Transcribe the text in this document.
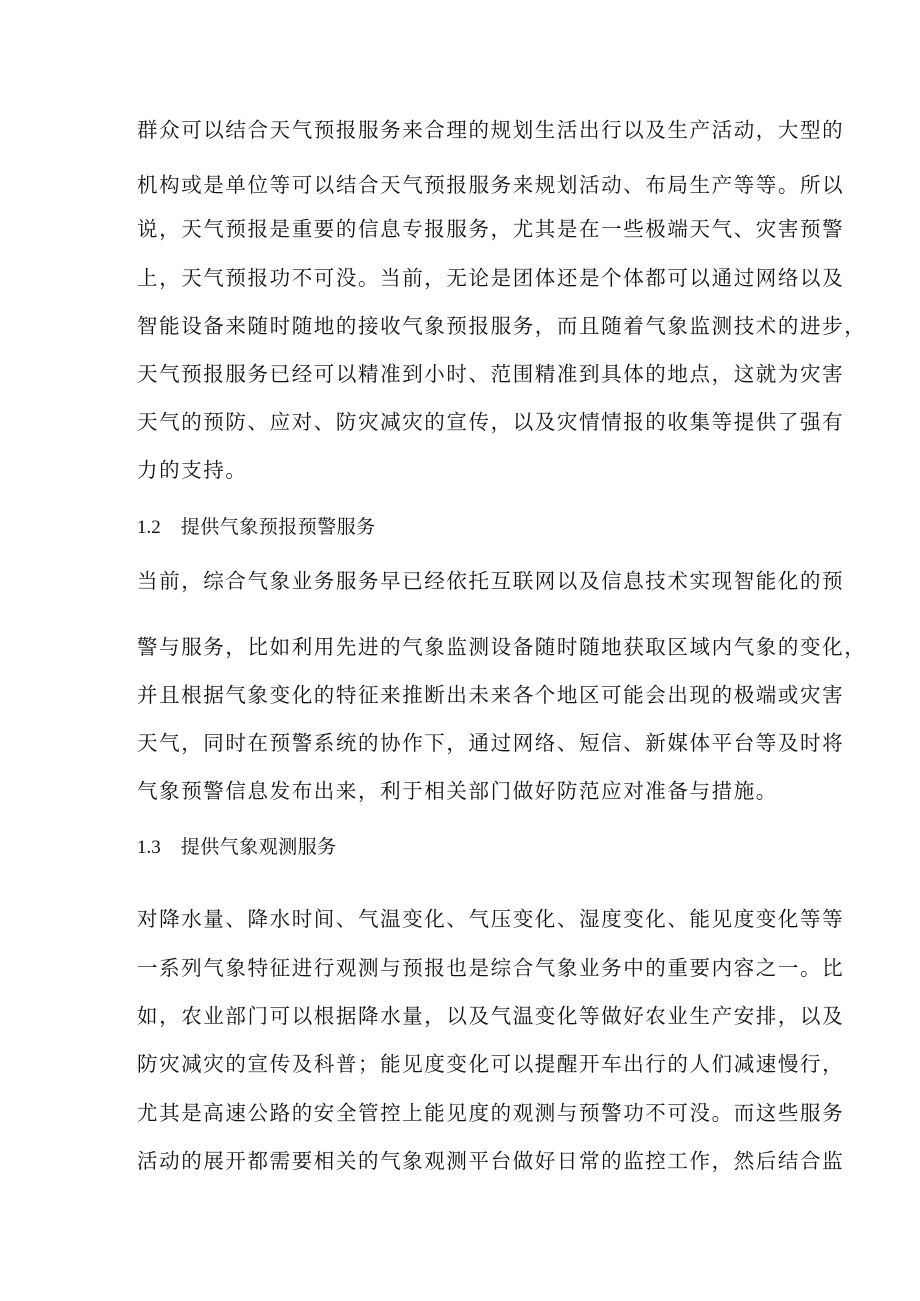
群众可以结合天气预报服务来合理的规划生活出行以及生产活动，大型的
机构或是单位等可以结合天气预报服务来规划活动、布局生产等等。所以
说，天气预报是重要的信息专报服务，尤其是在一些极端天气、灾害预警
上，天气预报功不可没。当前，无论是团体还是个体都可以通过网络以及
智能设备来随时随地的接收气象预报服务，而且随着气象监测技术的进步，
天气预报服务已经可以精准到小时、范围精准到具体的地点，这就为灾害
天气的预防、应对、防灾减灾的宣传，以及灾情情报的收集等提供了强有
力的支持。
1.2 提供气象预报预警服务
当前，综合气象业务服务早已经依托互联网以及信息技术实现智能化的预
警与服务，比如利用先进的气象监测设备随时随地获取区域内气象的变化，
并且根据气象变化的特征来推断出未来各个地区可能会出现的极端或灾害
天气，同时在预警系统的协作下，通过网络、短信、新媒体平台等及时将
气象预警信息发布出来，利于相关部门做好防范应对准备与措施。
1.3 提供气象观测服务
对降水量、降水时间、气温变化、气压变化、湿度变化、能见度变化等等
一系列气象特征进行观测与预报也是综合气象业务中的重要内容之一。比
如，农业部门可以根据降水量，以及气温变化等做好农业生产安排，以及
防灾减灾的宣传及科普；能见度变化可以提醒开车出行的人们减速慢行，
尤其是高速公路的安全管控上能见度的观测与预警功不可没。而这些服务
活动的展开都需要相关的气象观测平台做好日常的监控工作，然后结合监
